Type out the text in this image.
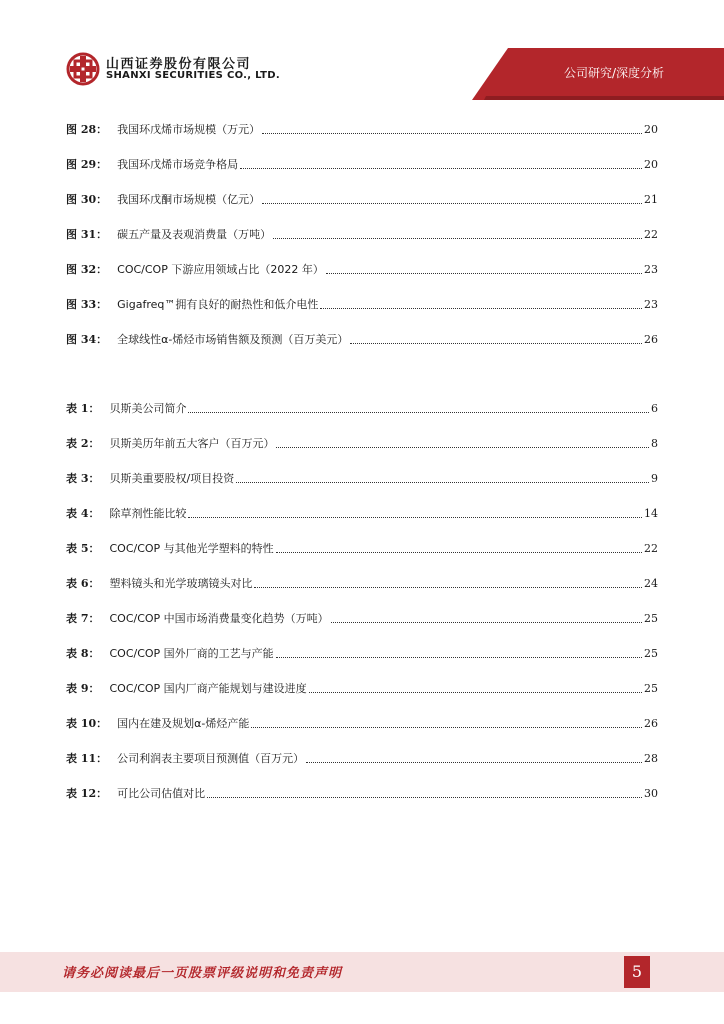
山西证券股份有限公司
SHANXI SECURITIES CO., LTD.	公司研究/深度分析
图 28： 我国环戊烯市场规模（万元）	20
图 29： 我国环戊烯市场竞争格局	20
图 30： 我国环戊酮市场规模（亿元）	21
图 31： 碳五产量及表观消费量（万吨）	22
图 32： COC/COP 下游应用领域占比（2022 年）	23
图 33： Gigafreq™拥有良好的耐热性和低介电性	23
图 34： 全球线性α-烯烃市场销售额及预测（百万美元）	26
表 1： 贝斯美公司简介	6
表 2： 贝斯美历年前五大客户（百万元）	8
表 3： 贝斯美重要股权/项目投资	9
表 4： 除草剂性能比较	14
表 5： COC/COP 与其他光学塑料的特性	22
表 6： 塑料镜头和光学玻璃镜头对比	24
表 7： COC/COP 中国市场消费量变化趋势（万吨）	25
表 8： COC/COP 国外厂商的工艺与产能	25
表 9： COC/COP 国内厂商产能规划与建设进度	25
表 10： 国内在建及规划α-烯烃产能	26
表 11： 公司利润表主要项目预测值（百万元）	28
表 12： 可比公司估值对比	30
请务必阅读最后一页股票评级说明和免责声明	5
